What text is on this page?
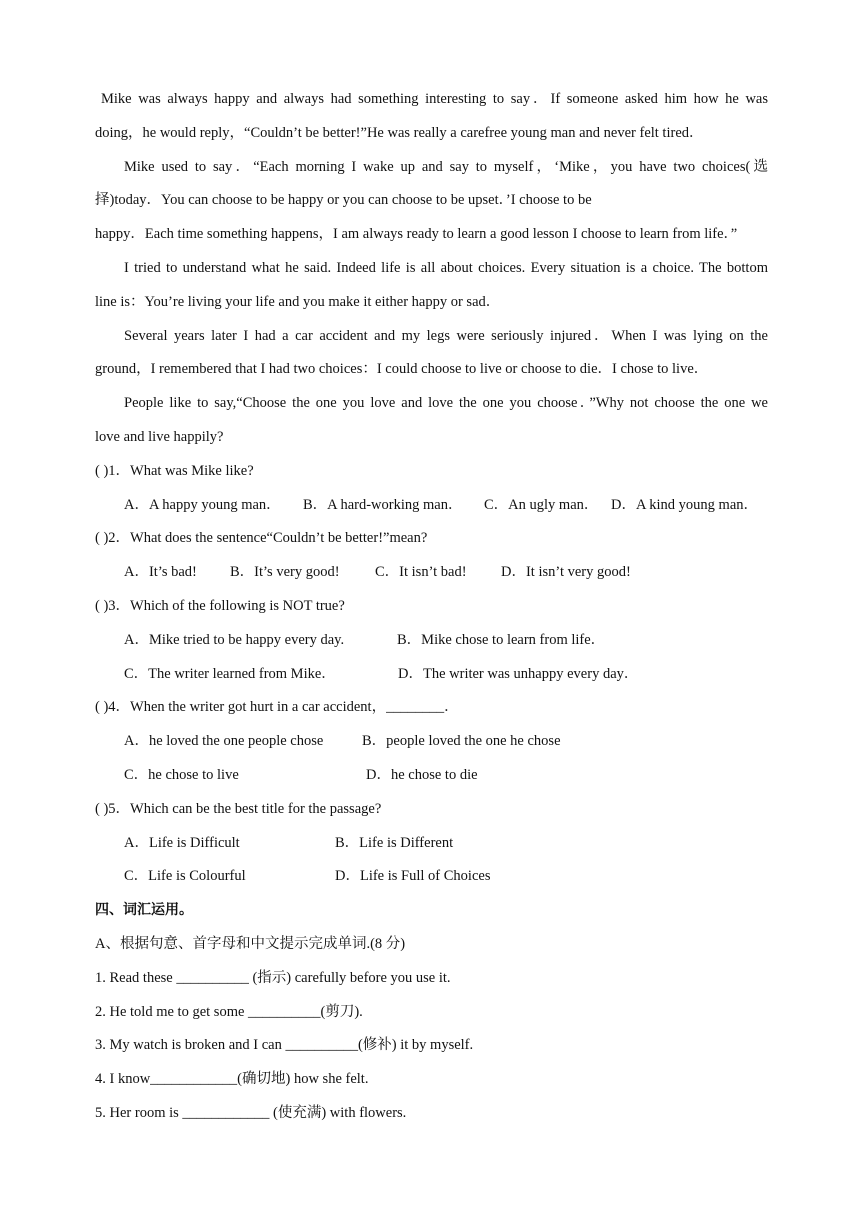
Mike was always happy and always had something interesting to say．If someone asked him how he was
doing，he would reply，“Couldn’t be better!”He was really a carefree young man and never felt tired．
Mike used to say．“Each morning I wake up and say to myself，‘Mike，you have two choices(选
择)today．You can choose to be happy or you can choose to be upset．’I choose to be
happy．Each time something happens，I am always ready to learn a good lesson I choose to learn from life．”
I tried to understand what he said. Indeed life is all about choices. Every situation is a choice. The bottom
line is：You’re living your life and you make it either happy or sad．
Several years later I had a car accident and my legs were seriously injured．When I was lying on the
ground，I remembered that I had two choices：I could choose to live or choose to die．I chose to live．
People like to say,“Choose the one you love and love the one you choose．”Why not choose the one we
love and live happily?
( )1．What was Mike like?
A．A happy young man． B．A hard-working man． C．An ugly man． D．A kind young man．
( )2．What does the sentence“Couldn’t be better!”mean?
A．It’s bad! B．It’s very good! C．It isn’t bad! D．It isn’t very good!
( )3．Which of the following is NOT true?
A．Mike tried to be happy every day.	B．Mike chose to learn from life．
C．The writer learned from Mike．	D．The writer was unhappy every day．
( )4．When the writer got hurt in a car accident，________．
A．he loved the one people chose	B．people loved the one he chose
C．he chose to live	D．he chose to die
( )5．Which can be the best title for the passage?
A．Life is Difficult	B．Life is Different
C．Life is Colourful	D．Life is Full of Choices
四、词汇运用。
A、根据句意、首字母和中文提示完成单词.(8 分)
1. Read these __________ (指示) carefully before you use it.
2. He told me to get some __________(剪刀).
3. My watch is broken and I can __________(修补) it by myself.
4. I know____________(确切地) how she felt.
5. Her room is ____________ (使充满) with flowers.
